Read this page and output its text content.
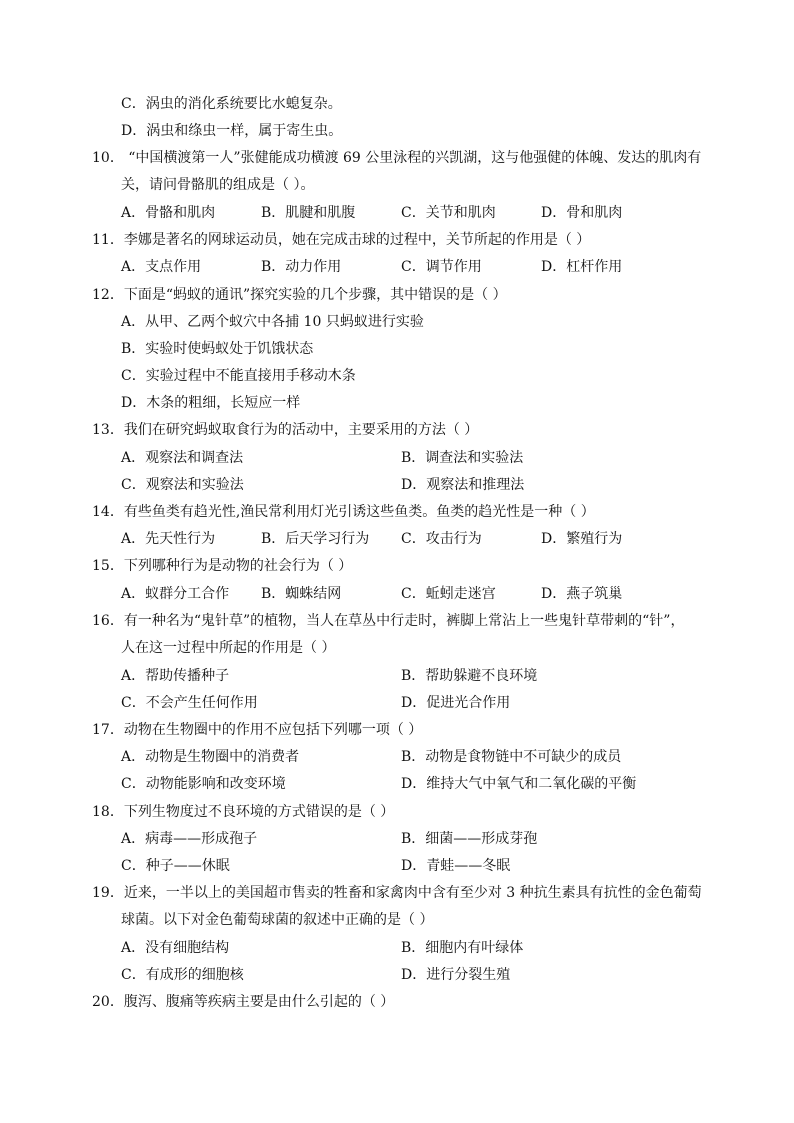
C．涡虫的消化系统要比水螅复杂。
D．涡虫和绦虫一样，属于寄生虫。
10． “中国横渡第一人”张健能成功横渡 69 公里泳程的兴凯湖，这与他强健的体魄、发达的肌肉有
关，请问骨骼肌的组成是（ ）。
A．骨骼和肌肉	B．肌腱和肌腹	C．关节和肌肉	D．骨和肌肉
11．李娜是著名的网球运动员，她在完成击球的过程中，关节所起的作用是（ ）
A．支点作用	B．动力作用	C．调节作用	D．杠杆作用
12．下面是“蚂蚁的通讯”探究实验的几个步骤，其中错误的是（ ）
A．从甲、乙两个蚁穴中各捕 10 只蚂蚁进行实验
B．实验时使蚂蚁处于饥饿状态
C．实验过程中不能直接用手移动木条
D．木条的粗细，长短应一样
13．我们在研究蚂蚁取食行为的活动中，主要采用的方法（ ）
A．观察法和调查法	B．调查法和实验法
C．观察法和实验法	D．观察法和推理法
14．有些鱼类有趋光性,渔民常利用灯光引诱这些鱼类。鱼类的趋光性是一种（ ）
A．先天性行为	B．后天学习行为 C．攻击行为	D．繁殖行为
15．下列哪种行为是动物的社会行为（ ）
A．蚁群分工合作 B．蜘蛛结网	C．蚯蚓走迷宫	D．燕子筑巢
16．有一种名为“鬼针草”的植物，当人在草丛中行走时，裤脚上常沾上一些鬼针草带刺的“针”，
人在这一过程中所起的作用是（ ）
A．帮助传播种子	B．帮助躲避不良环境
C．不会产生任何作用	D．促进光合作用
17．动物在生物圈中的作用不应包括下列哪一项（ ）
A．动物是生物圈中的消费者	B．动物是食物链中不可缺少的成员
C．动物能影响和改变环境	D．维持大气中氧气和二氧化碳的平衡
18．下列生物度过不良环境的方式错误的是（ ）
A．病毒——形成孢子	B．细菌——形成芽孢
C．种子——休眠	D．青蛙——冬眠
19．近来，一半以上的美国超市售卖的牲畜和家禽肉中含有至少对 3 种抗生素具有抗性的金色葡萄
球菌。以下对金色葡萄球菌的叙述中正确的是（ ）
A．没有细胞结构	B．细胞内有叶绿体
C．有成形的细胞核	D．进行分裂生殖
20．腹泻、腹痛等疾病主要是由什么引起的（ ）
